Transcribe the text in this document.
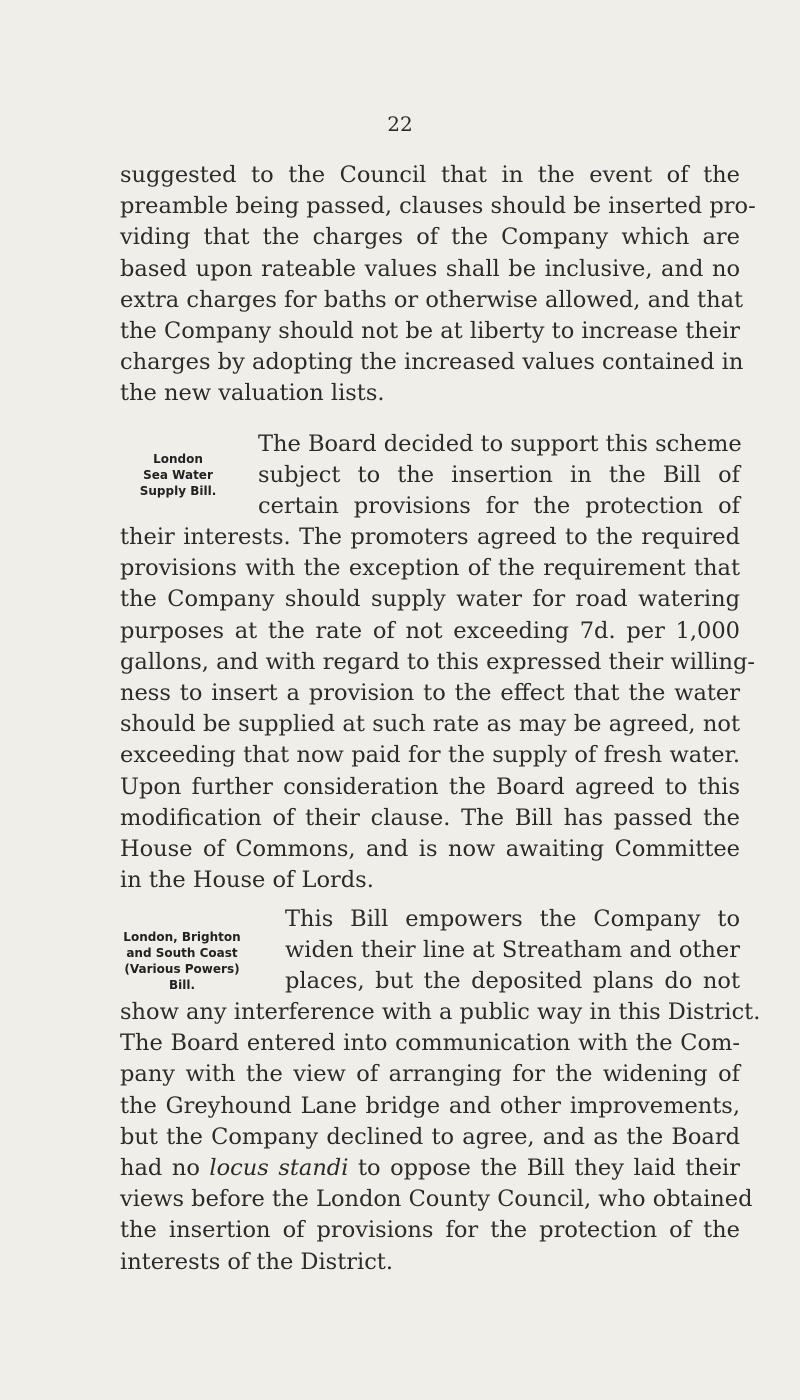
22
suggested to the Council that in the event of the
preamble being passed, clauses should be inserted pro-
viding that the charges of the Company which are
based upon rateable values shall be inclusive, and no
extra charges for baths or otherwise allowed, and that
the Company should not be at liberty to increase their
charges by adopting the increased values contained in
the new valuation lists.
London
Sea Water
Supply Bill.
The Board decided to support this scheme
subject to the insertion in the Bill of
certain provisions for the protection of
their interests. The promoters agreed to the required
provisions with the exception of the requirement that
the Company should supply water for road watering
purposes at the rate of not exceeding 7d. per 1,000
gallons, and with regard to this expressed their willing-
ness to insert a provision to the effect that the water
should be supplied at such rate as may be agreed, not
exceeding that now paid for the supply of fresh water.
Upon further consideration the Board agreed to this
modification of their clause. The Bill has passed the
House of Commons, and is now awaiting Committee
in the House of Lords.
London, Brighton
and South Coast
(Various Powers)
Bill.
This Bill empowers the Company to
widen their line at Streatham and other
places, but the deposited plans do not
show any interference with a public way in this District.
The Board entered into communication with the Com-
pany with the view of arranging for the widening of
the Greyhound Lane bridge and other improvements,
but the Company declined to agree, and as the Board
had no locus standi to oppose the Bill they laid their
views before the London County Council, who obtained
the insertion of provisions for the protection of the
interests of the District.
